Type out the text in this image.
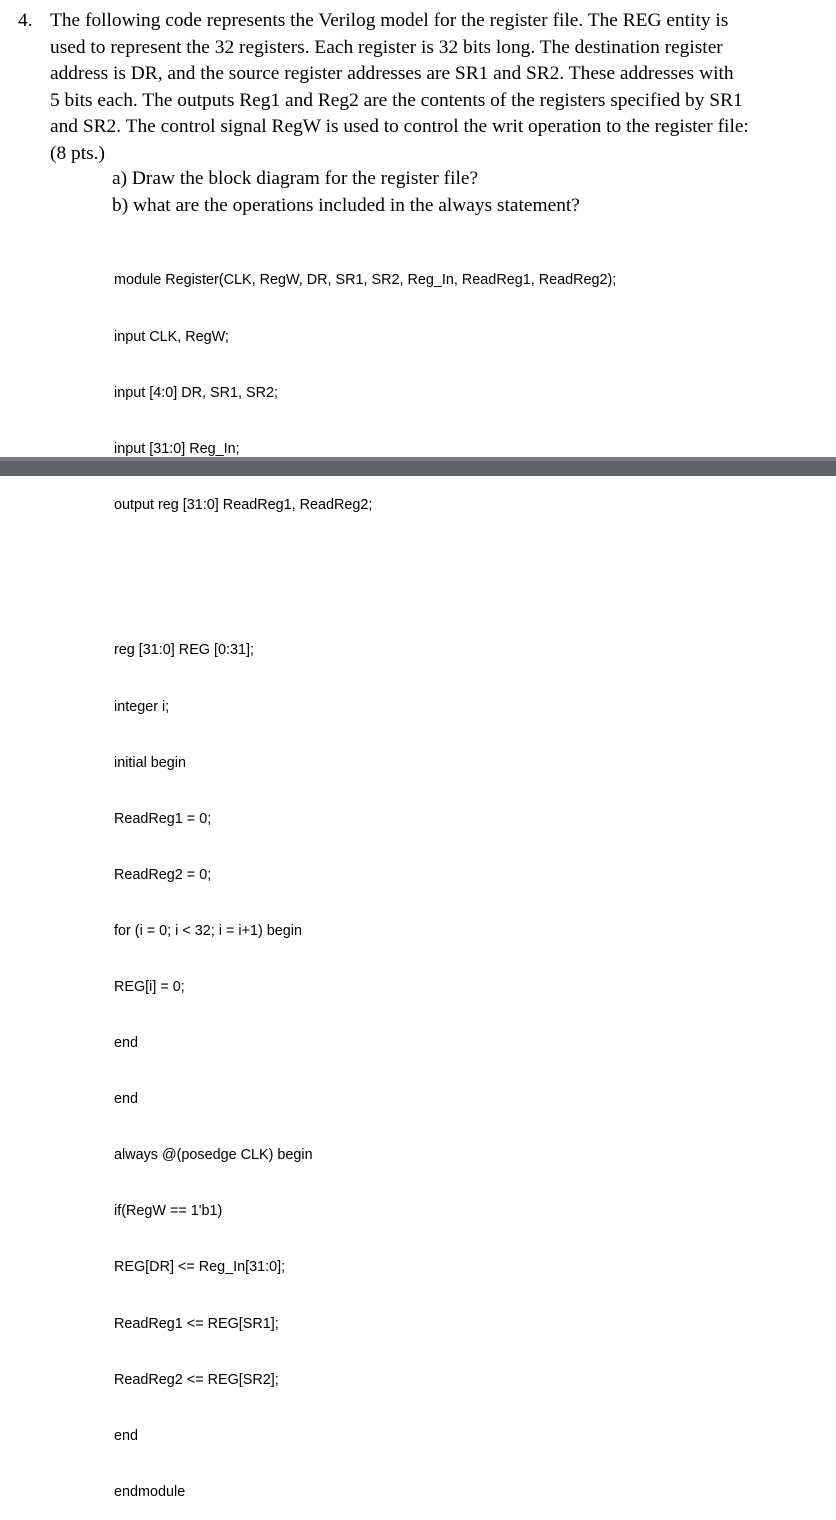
4. The following code represents the Verilog model for the register file. The REG entity is
used to represent the 32 registers. Each register is 32 bits long. The destination register
address is DR, and the source register addresses are SR1 and SR2. These addresses with
5 bits each. The outputs Reg1 and Reg2 are the contents of the registers specified by SR1
and SR2. The control signal RegW is used to control the writ operation to the register file:
(8 pts.)
a) Draw the block diagram for the register file?
b) what are the operations included in the always statement?

module Register(CLK, RegW, DR, SR1, SR2, Reg_In, ReadReg1, ReadReg2);

input CLK, RegW;

input [4:0] DR, SR1, SR2;

input [31:0] Reg_In;

output reg [31:0] ReadReg1, ReadReg2;

reg [31:0] REG [0:31];

integer i;

initial begin

ReadReg1 = 0;

ReadReg2 = 0;

for (i = 0; i < 32; i = i+1) begin

REG[i] = 0;

end

end

always @(posedge CLK) begin

if(RegW == 1'b1)

REG[DR] <= Reg_In[31:0];

ReadReg1 <= REG[SR1];

ReadReg2 <= REG[SR2];

end

endmodule
